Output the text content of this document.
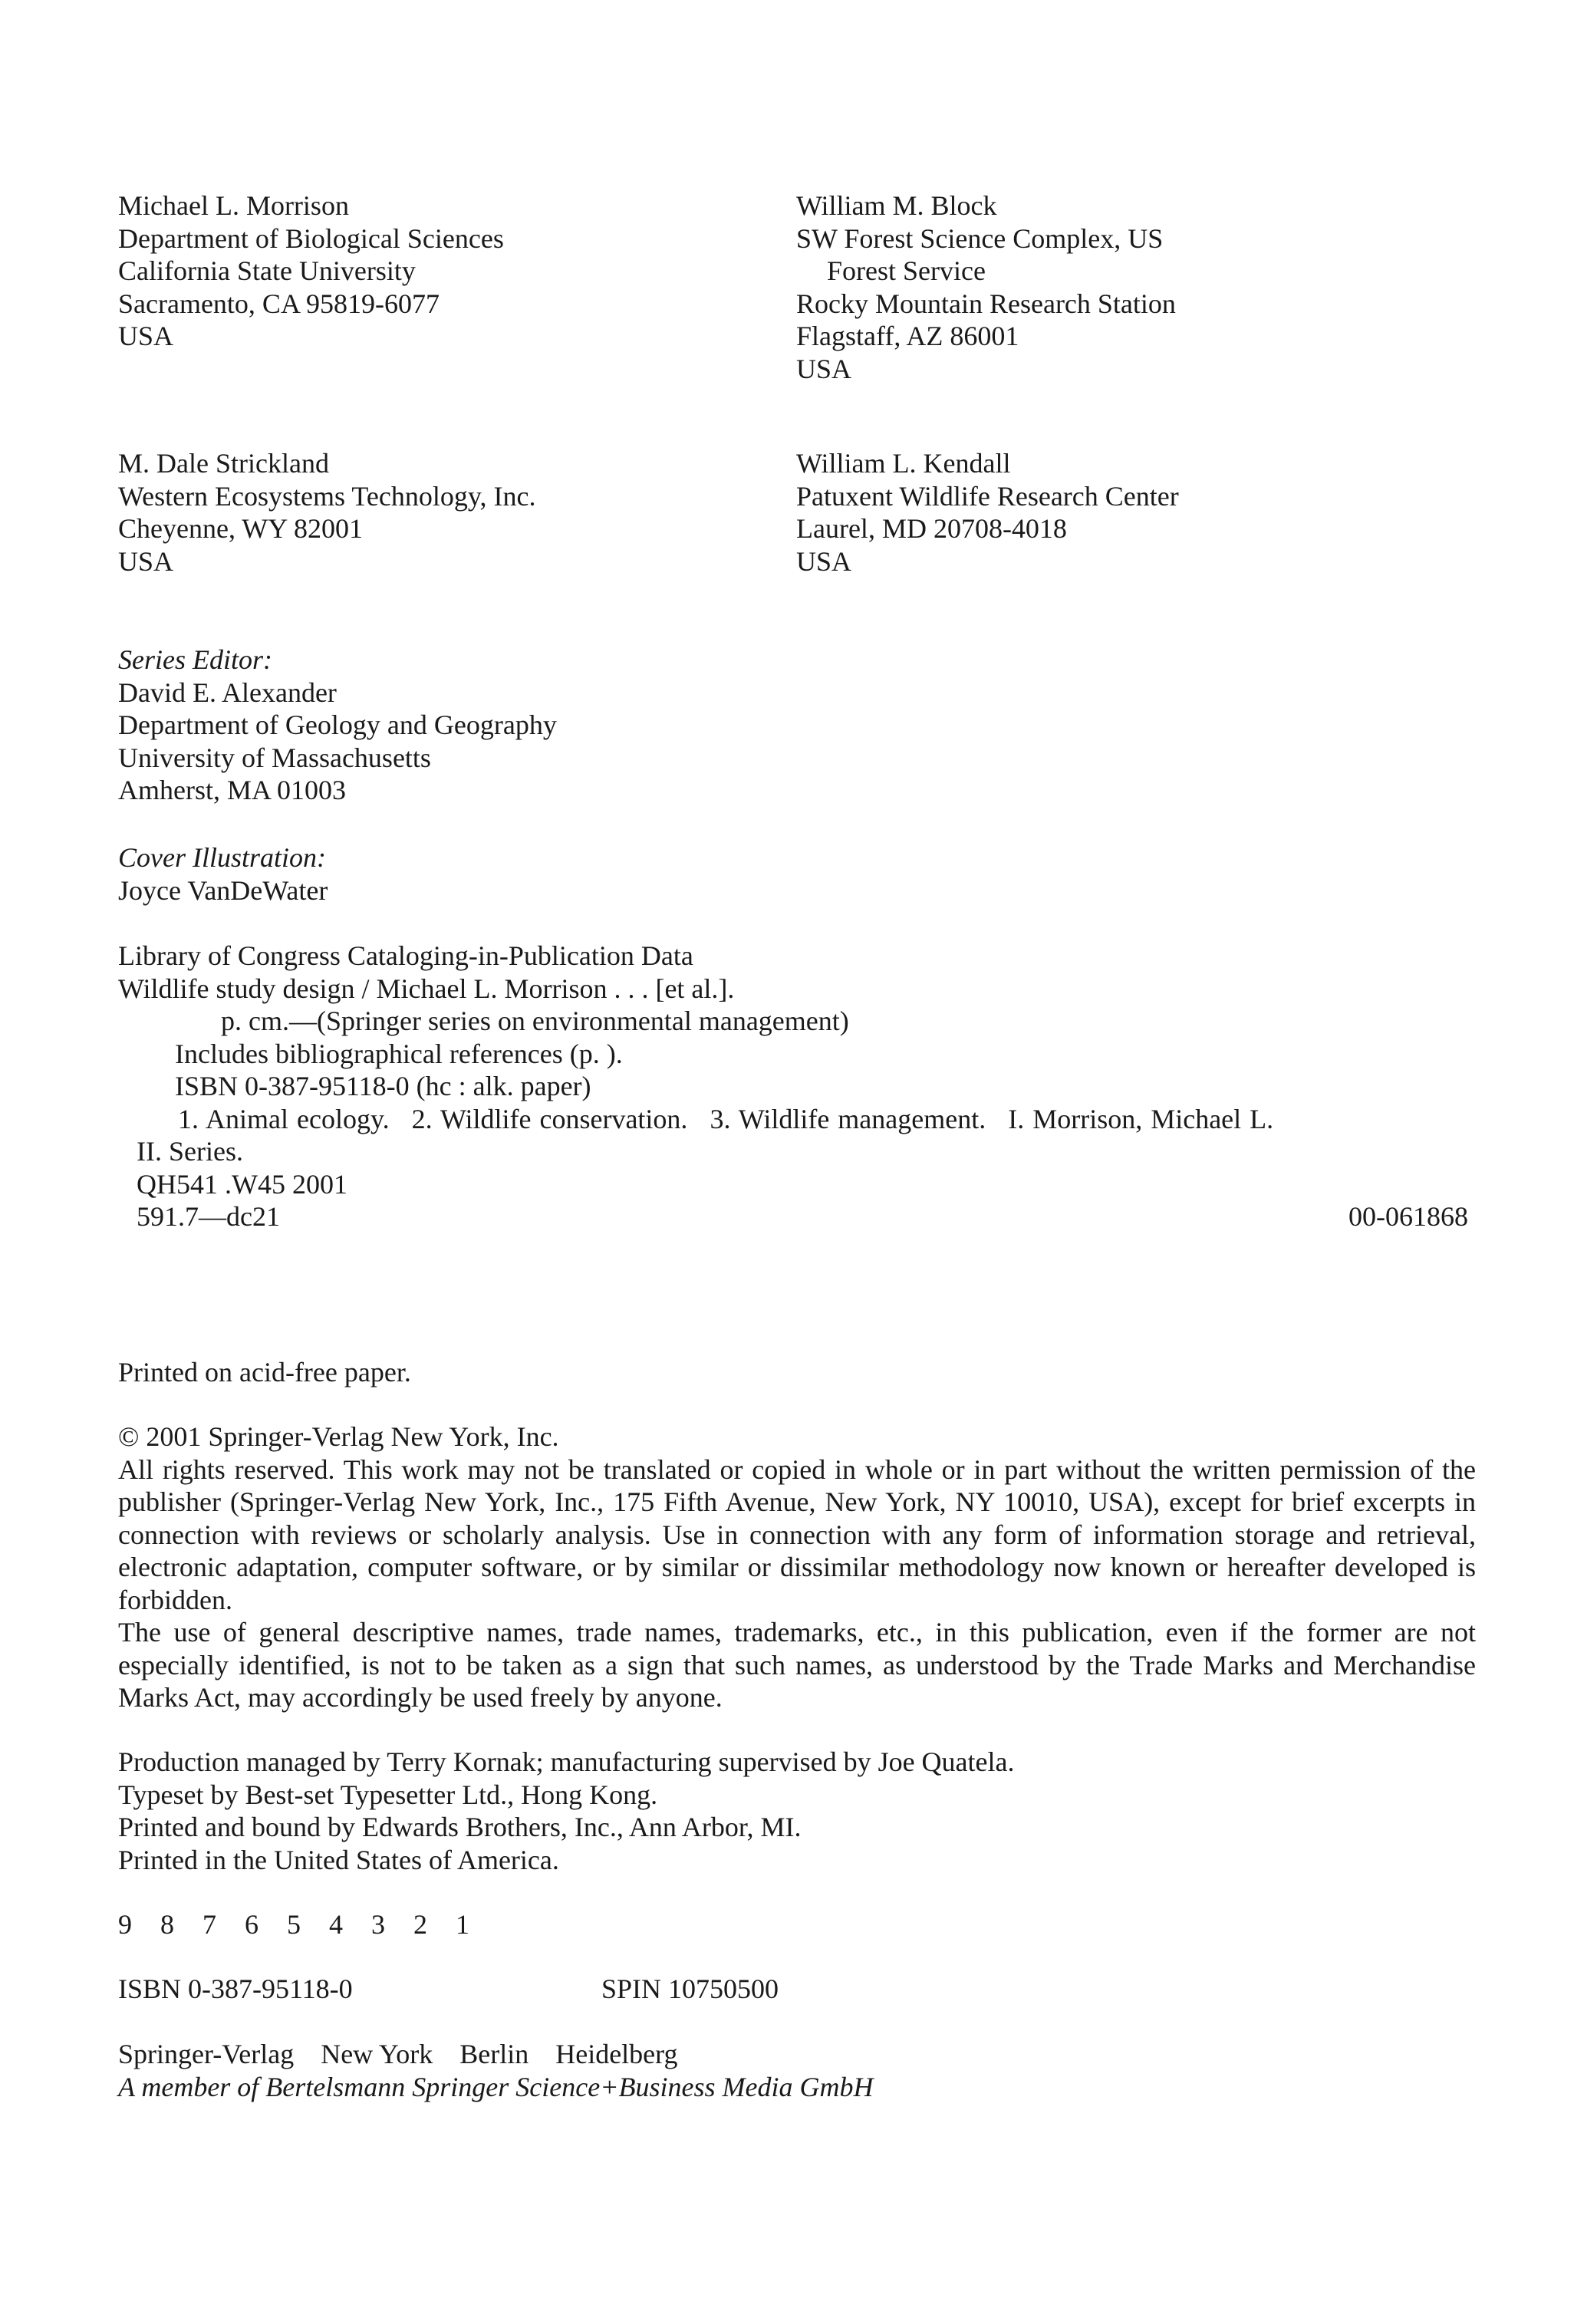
Michael L. Morrison
Department of Biological Sciences
California State University
Sacramento, CA 95819-6077
USA
William M. Block
SW Forest Science Complex, US
Forest Service
Rocky Mountain Research Station
Flagstaff, AZ 86001
USA
M. Dale Strickland
Western Ecosystems Technology, Inc.
Cheyenne, WY 82001
USA
William L. Kendall
Patuxent Wildlife Research Center
Laurel, MD 20708-4018
USA
Series Editor:
David E. Alexander
Department of Geology and Geography
University of Massachusetts
Amherst, MA 01003
Cover Illustration:
Joyce VanDeWater
Library of Congress Cataloging-in-Publication Data
Wildlife study design / Michael L. Morrison . . . [et al.].
p. cm.—(Springer series on environmental management)
Includes bibliographical references (p. ).
ISBN 0-387-95118-0 (hc : alk. paper)
1. Animal ecology. 2. Wildlife conservation. 3. Wildlife management. I. Morrison, Michael L.
II. Series.
QH541 .W45 2001
591.7—dc21	00-061868
Printed on acid-free paper.

© 2001 Springer-Verlag New York, Inc.

All rights reserved. This work may not be translated or copied in whole or in part without the written permission of the publisher (Springer-Verlag New York, Inc., 175 Fifth Avenue, New York, NY 10010, USA), except for brief excerpts in connection with reviews or scholarly analysis. Use in connection with any form of information storage and retrieval, electronic adaptation, computer software, or by similar or dissimilar methodology now known or hereafter developed is forbidden.

The use of general descriptive names, trade names, trademarks, etc., in this publication, even if the former are not especially identified, is not to be taken as a sign that such names, as understood by the Trade Marks and Merchandise Marks Act, may accordingly be used freely by anyone.

Production managed by Terry Kornak; manufacturing supervised by Joe Quatela.
Typeset by Best-set Typesetter Ltd., Hong Kong.
Printed and bound by Edwards Brothers, Inc., Ann Arbor, MI.
Printed in the United States of America.
9 8 7 6 5 4 3 2 1
ISBN 0-387-95118-0	SPIN 10750500
Springer-Verlag New York Berlin Heidelberg
A member of Bertelsmann Springer Science+Business Media GmbH
